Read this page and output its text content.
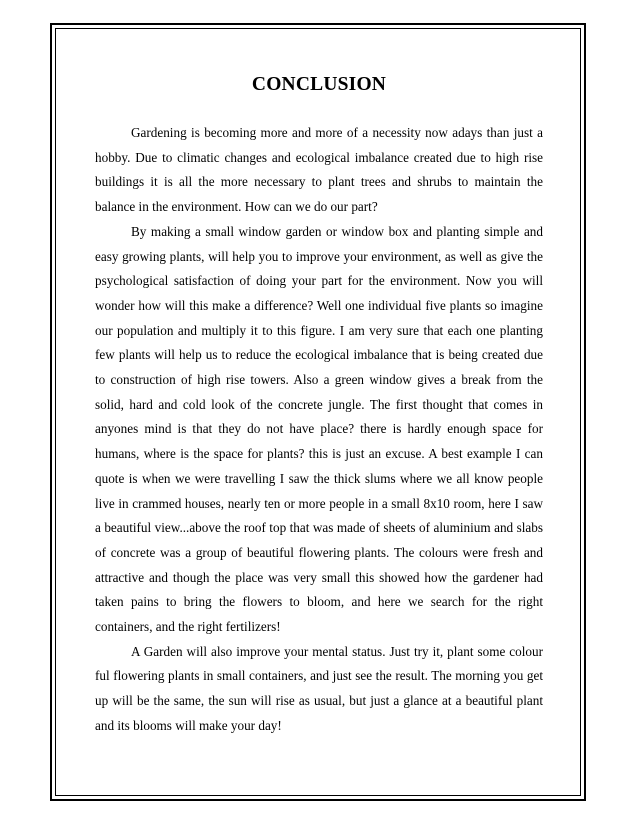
CONCLUSION

Gardening is becoming more and more of a necessity now adays than just a hobby. Due to climatic changes and ecological imbalance created due to high rise buildings it is all the more necessary to plant trees and shrubs to maintain the balance in the environment. How can we do our part?

By making a small window garden or window box and planting simple and easy growing plants, will help you to improve your environment, as well as give the psychological satisfaction of doing your part for the environment. Now you will wonder how will this make a difference? Well one individual five plants so imagine our population and multiply it to this figure. I am very sure that each one planting few plants will help us to reduce the ecological imbalance that is being created due to construction of high rise towers. Also a green window gives a break from the solid, hard and cold look of the concrete jungle. The first thought that comes in anyones mind is that they do not have place? there is hardly enough space for humans, where is the space for plants? this is just an excuse. A best example I can quote is when we were travelling I saw the thick slums where we all know people live in crammed houses, nearly ten or more people in a small 8x10 room, here I saw a beautiful view...above the roof top that was made of sheets of aluminium and slabs of concrete was a group of beautiful flowering plants. The colours were fresh and attractive and though the place was very small this showed how the gardener had taken pains to bring the flowers to bloom, and here we search for the right containers, and the right fertilizers!

A Garden will also improve your mental status. Just try it, plant some colour ful flowering plants in small containers, and just see the result. The morning you get up will be the same, the sun will rise as usual, but just a glance at a beautiful plant and its blooms will make your day!
